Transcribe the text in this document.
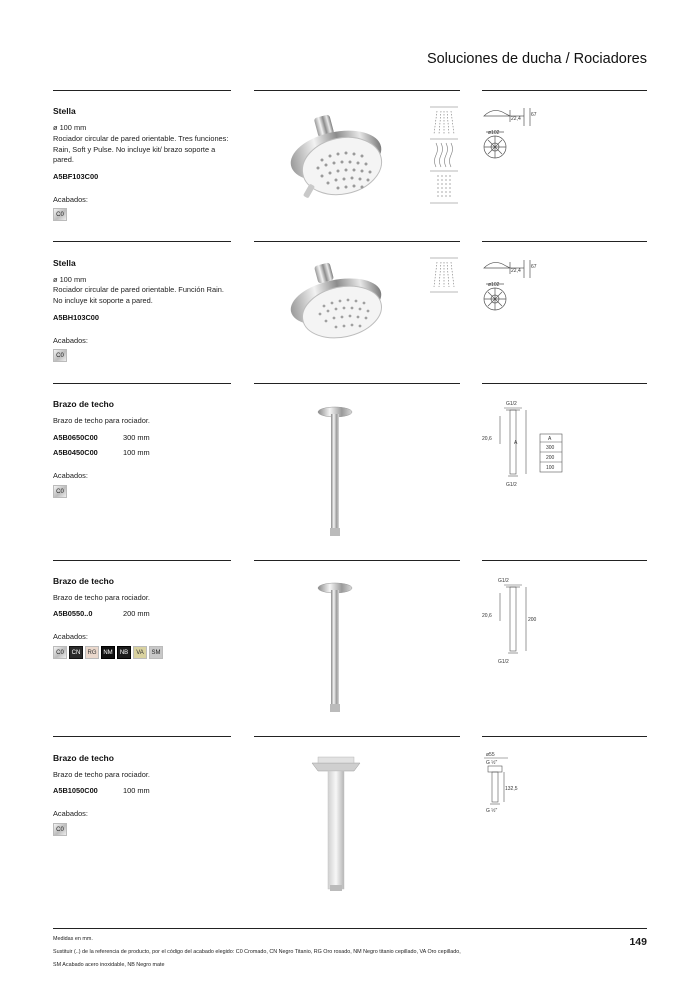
Soluciones de ducha / Rociadores
Stella
ø 100 mm
Rociador circular de pared orientable. Tres funciones: Rain, Soft y Pulse. No incluye kit/ brazo soporte a pared.
A5BF103C00
Acabados:
C0
22,4
67
ø102
Stella
ø 100 mm
Rociador circular de pared orientable. Función Rain. No incluye kit soporte a pared.
A5BH103C00
Acabados:
C0
22,4
67
ø102
Brazo de techo
Brazo de techo para rociador.
A5B0650C00	300 mm
A5B0450C00	100 mm
Acabados:
C0
G1/2
20,6
A
A
300
200
100
G1/2
Brazo de techo
Brazo de techo para rociador.
A5B0550..0	200 mm
Acabados:
C0	CN	RG	NM	NB	VA	SM
G1/2
20,6
200
G1/2
Brazo de techo
Brazo de techo para rociador.
A5B1050C00	100 mm
Acabados:
C0
ø55
G ½"
132,5
G ½"
Medidas en mm.
Sustituir (..) de la referencia de producto, por el código del acabado elegido: C0 Cromado, CN Negro Titanio, RG Oro rosado, NM Negro titanio cepillado, VA Oro cepillado,
SM Acabado acero inoxidable, NB Negro mate
149
